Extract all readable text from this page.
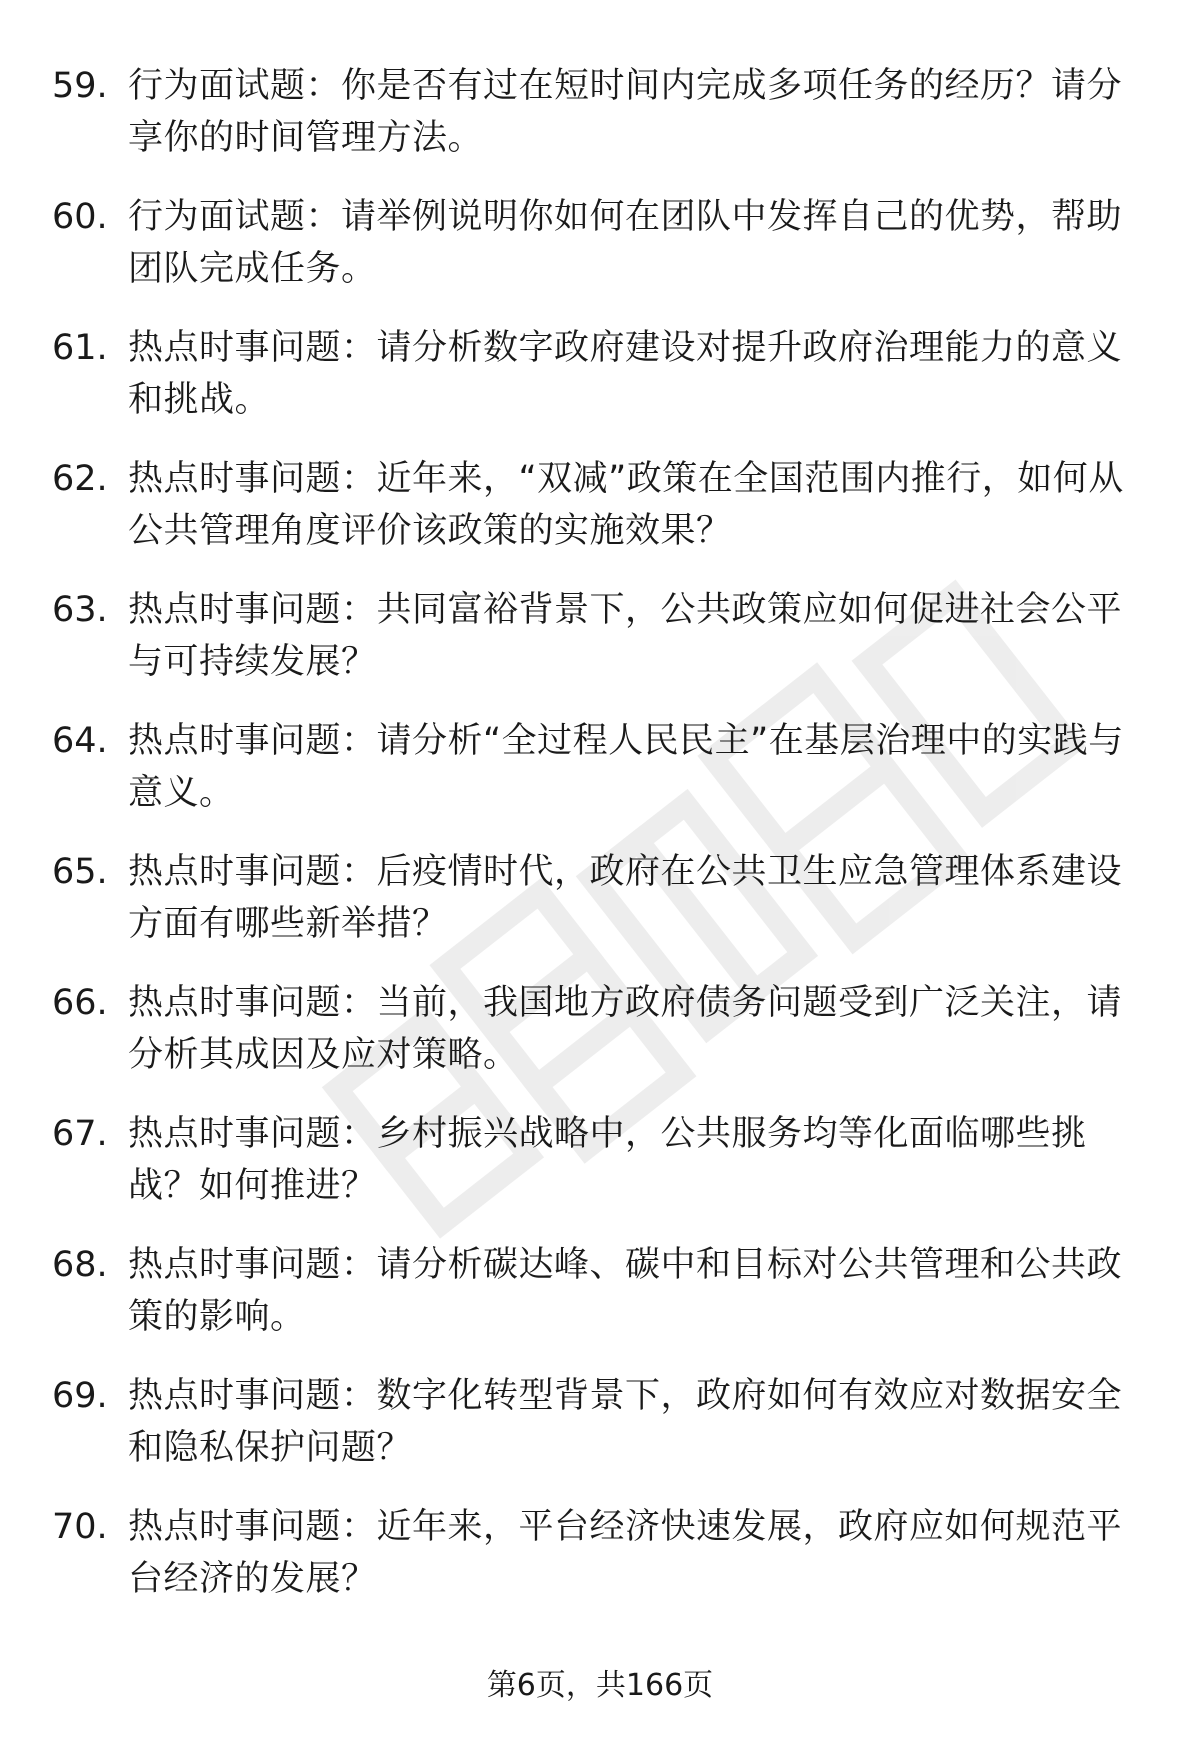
59. 行为面试题：你是否有过在短时间内完成多项任务的经历？请分享你的时间管理方法。
60. 行为面试题：请举例说明你如何在团队中发挥自己的优势，帮助团队完成任务。
61. 热点时事问题：请分析数字政府建设对提升政府治理能力的意义和挑战。
62. 热点时事问题：近年来，“双减”政策在全国范围内推行，如何从公共管理角度评价该政策的实施效果？
63. 热点时事问题：共同富裕背景下，公共政策应如何促进社会公平与可持续发展？
64. 热点时事问题：请分析“全过程人民民主”在基层治理中的实践与意义。
65. 热点时事问题：后疫情时代，政府在公共卫生应急管理体系建设方面有哪些新举措？
66. 热点时事问题：当前，我国地方政府债务问题受到广泛关注，请分析其成因及应对策略。
67. 热点时事问题：乡村振兴战略中，公共服务均等化面临哪些挑战？如何推进？
68. 热点时事问题：请分析碳达峰、碳中和目标对公共管理和公共政策的影响。
69. 热点时事问题：数字化转型背景下，政府如何有效应对数据安全和隐私保护问题？
70. 热点时事问题：近年来，平台经济快速发展，政府应如何规范平台经济的发展？
第6页，共166页
